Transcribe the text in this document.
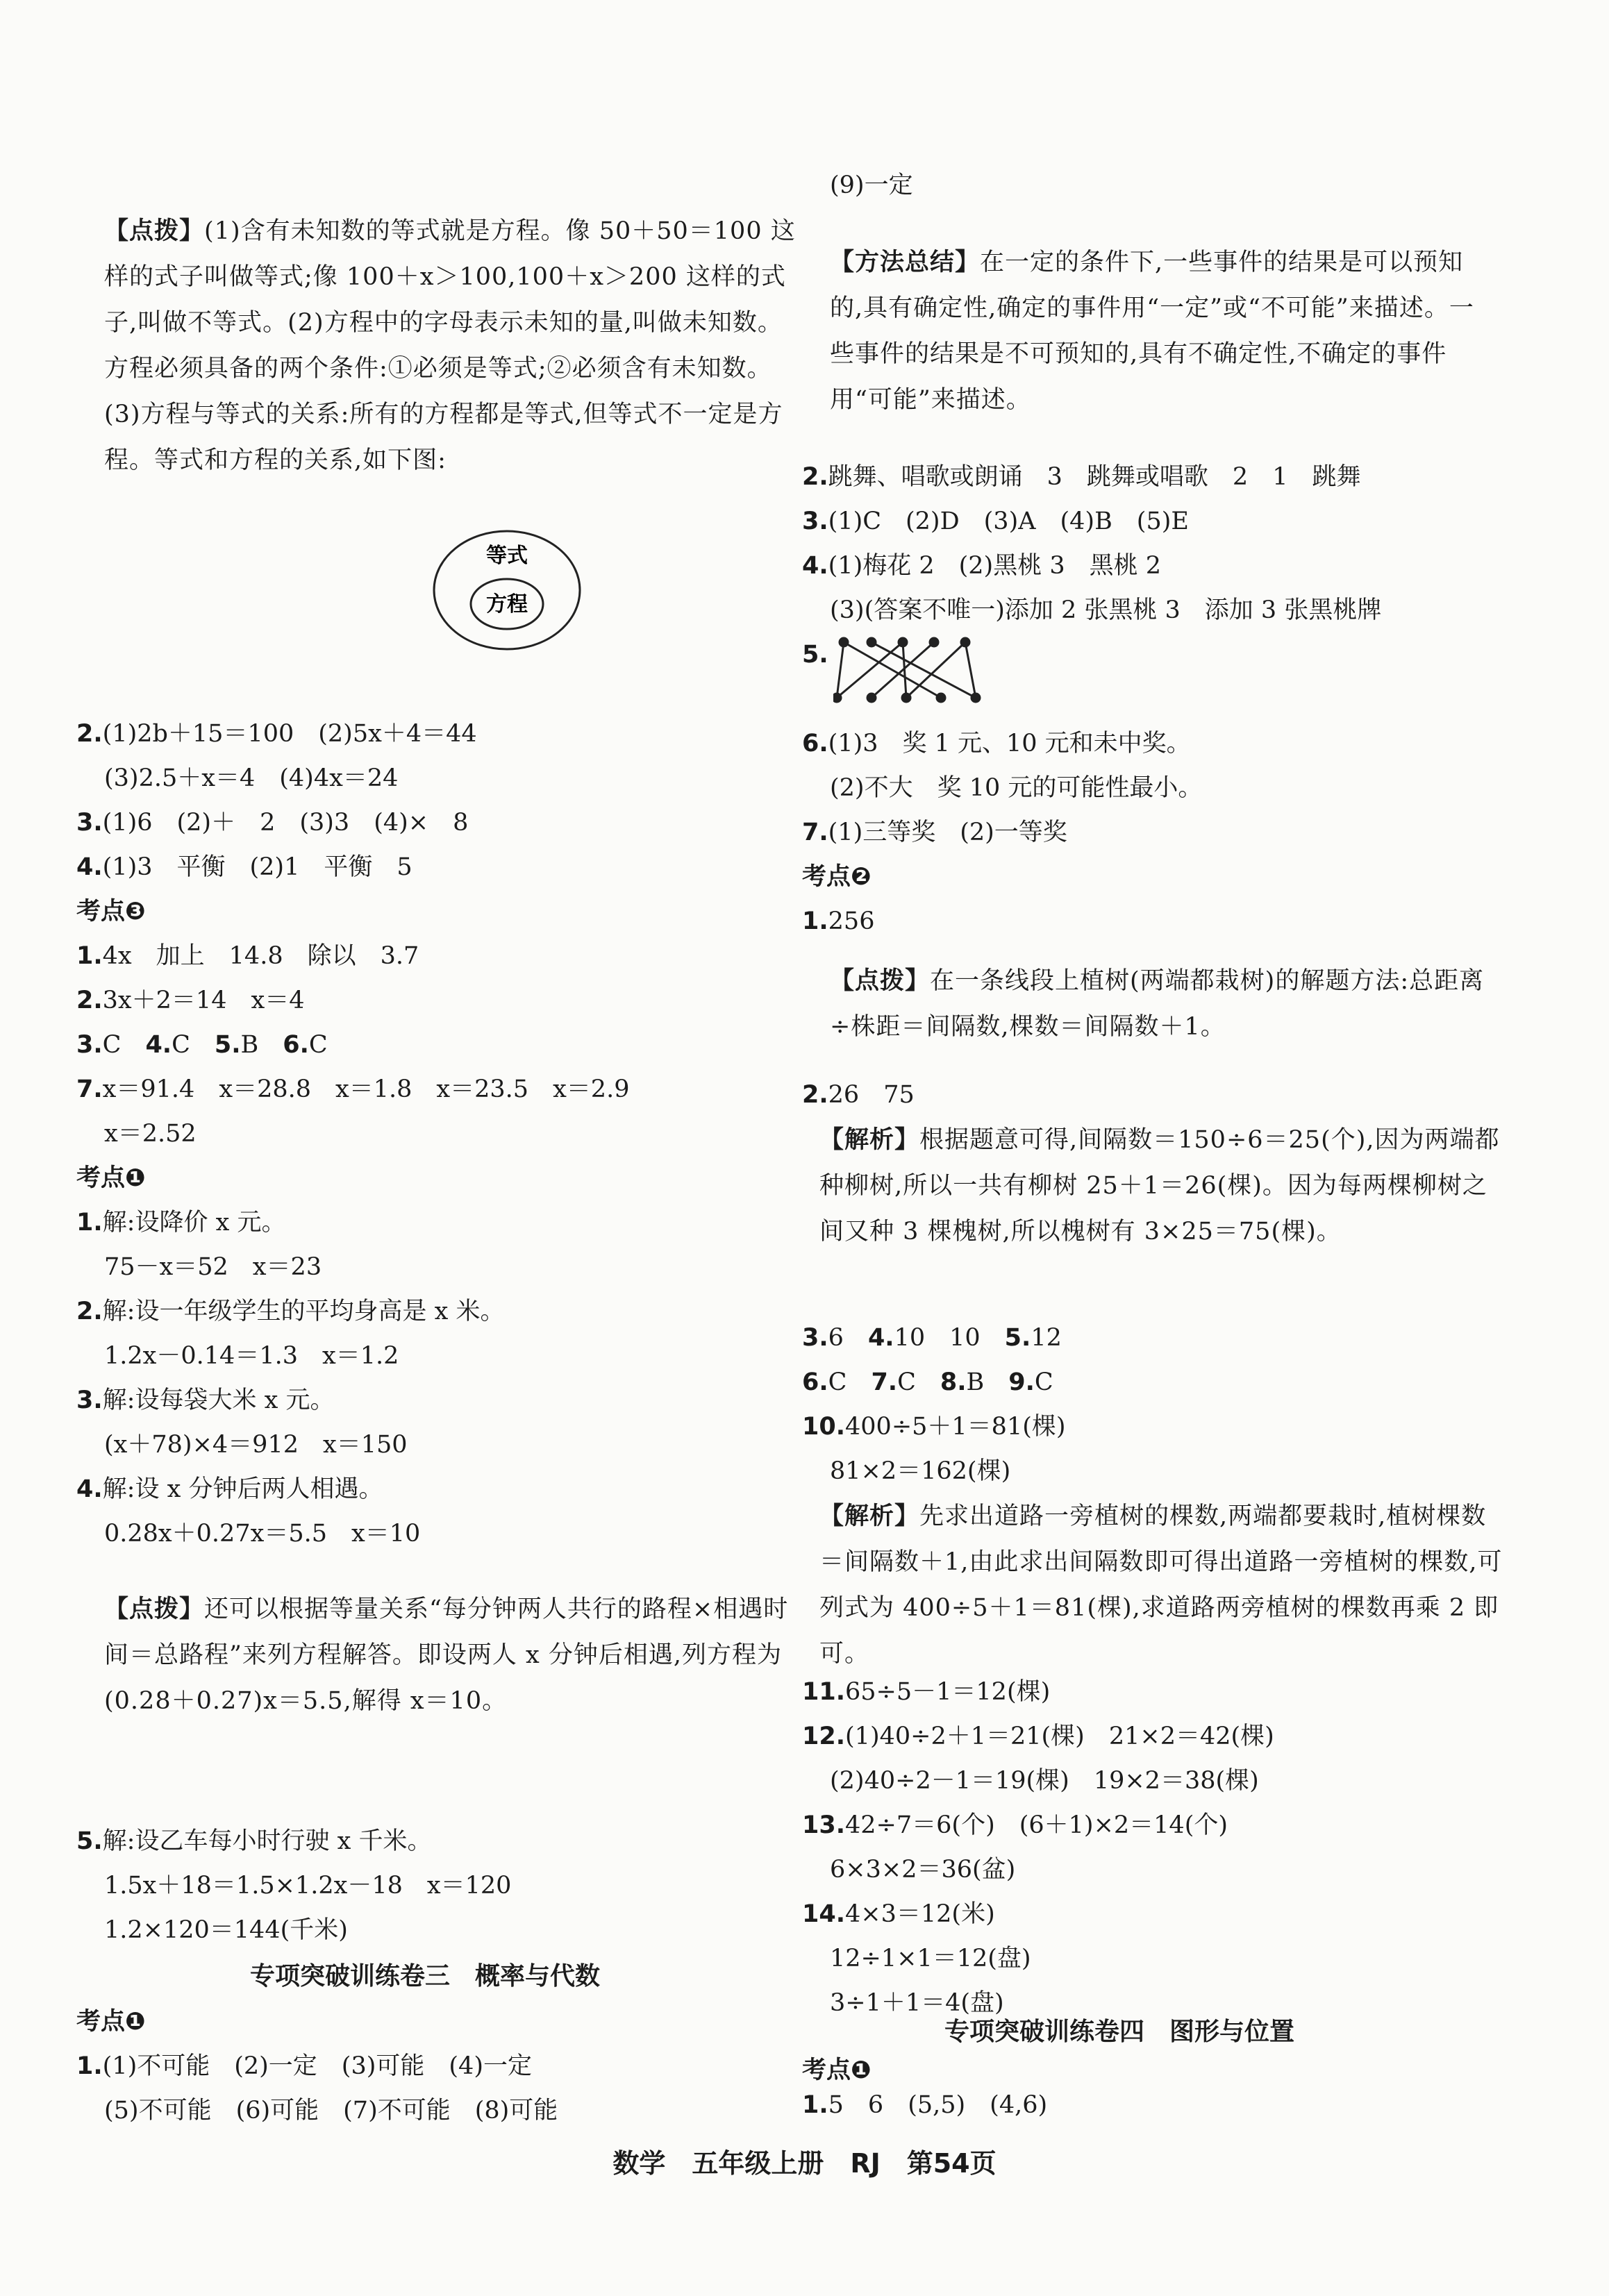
【点拨】(1)含有未知数的等式就是方程。像 50＋50＝100 这样的式子叫做等式;像 100＋x＞100,100＋x＞200 这样的式子,叫做不等式。(2)方程中的字母表示未知的量,叫做未知数。方程必须具备的两个条件:①必须是等式;②必须含有未知数。(3)方程与等式的关系:所有的方程都是等式,但等式不一定是方程。等式和方程的关系,如下图:
等式
方程
2.(1)2b＋15＝100　(2)5x＋4＝44
(3)2.5＋x＝4　(4)4x＝24
3.(1)6　(2)＋　2　(3)3　(4)×　8
4.(1)3　平衡　(2)1　平衡　5
考点❸
1.4x　加上　14.8　除以　3.7
2.3x＋2＝14　x＝4
3.C　4.C　5.B　6.C
7.x＝91.4　x＝28.8　x＝1.8　x＝23.5　x＝2.9
x＝2.52
考点❶
1.解:设降价 x 元。
75－x＝52　x＝23
2.解:设一年级学生的平均身高是 x 米。
1.2x－0.14＝1.3　x＝1.2
3.解:设每袋大米 x 元。
(x＋78)×4＝912　x＝150
4.解:设 x 分钟后两人相遇。
0.28x＋0.27x＝5.5　x＝10
【点拨】还可以根据等量关系“每分钟两人共行的路程×相遇时间＝总路程”来列方程解答。即设两人 x 分钟后相遇,列方程为(0.28＋0.27)x＝5.5,解得 x＝10。
5.解:设乙车每小时行驶 x 千米。
1.5x＋18＝1.5×1.2x－18　x＝120
1.2×120＝144(千米)
专项突破训练卷三　概率与代数
考点❶
1.(1)不可能　(2)一定　(3)可能　(4)一定
(5)不可能　(6)可能　(7)不可能　(8)可能
(9)一定
【方法总结】在一定的条件下,一些事件的结果是可以预知的,具有确定性,确定的事件用“一定”或“不可能”来描述。一些事件的结果是不可预知的,具有不确定性,不确定的事件用“可能”来描述。
2.跳舞、唱歌或朗诵　3　跳舞或唱歌　2　1　跳舞
3.(1)C　(2)D　(3)A　(4)B　(5)E
4.(1)梅花 2　(2)黑桃 3　黑桃 2
(3)(答案不唯一)添加 2 张黑桃 3　添加 3 张黑桃牌
5.
6.(1)3　奖 1 元、10 元和未中奖。
(2)不大　奖 10 元的可能性最小。
7.(1)三等奖　(2)一等奖
考点❷
1.256
【点拨】在一条线段上植树(两端都栽树)的解题方法:总距离÷株距＝间隔数,棵数＝间隔数＋1。
2.26　75
【解析】根据题意可得,间隔数＝150÷6＝25(个),因为两端都种柳树,所以一共有柳树 25＋1＝26(棵)。因为每两棵柳树之间又种 3 棵槐树,所以槐树有 3×25＝75(棵)。
3.6　4.10　10　5.12
6.C　7.C　8.B　9.C
10.400÷5＋1＝81(棵)
81×2＝162(棵)
【解析】先求出道路一旁植树的棵数,两端都要栽时,植树棵数＝间隔数＋1,由此求出间隔数即可得出道路一旁植树的棵数,可列式为 400÷5＋1＝81(棵),求道路两旁植树的棵数再乘 2 即可。
11.65÷5－1＝12(棵)
12.(1)40÷2＋1＝21(棵)　21×2＝42(棵)
(2)40÷2－1＝19(棵)　19×2＝38(棵)
13.42÷7＝6(个)　(6＋1)×2＝14(个)
6×3×2＝36(盆)
14.4×3＝12(米)
12÷1×1＝12(盘)
3÷1＋1＝4(盘)
专项突破训练卷四　图形与位置
考点❶
1.5　6　(5,5)　(4,6)
数学　五年级上册　RJ　第54页
